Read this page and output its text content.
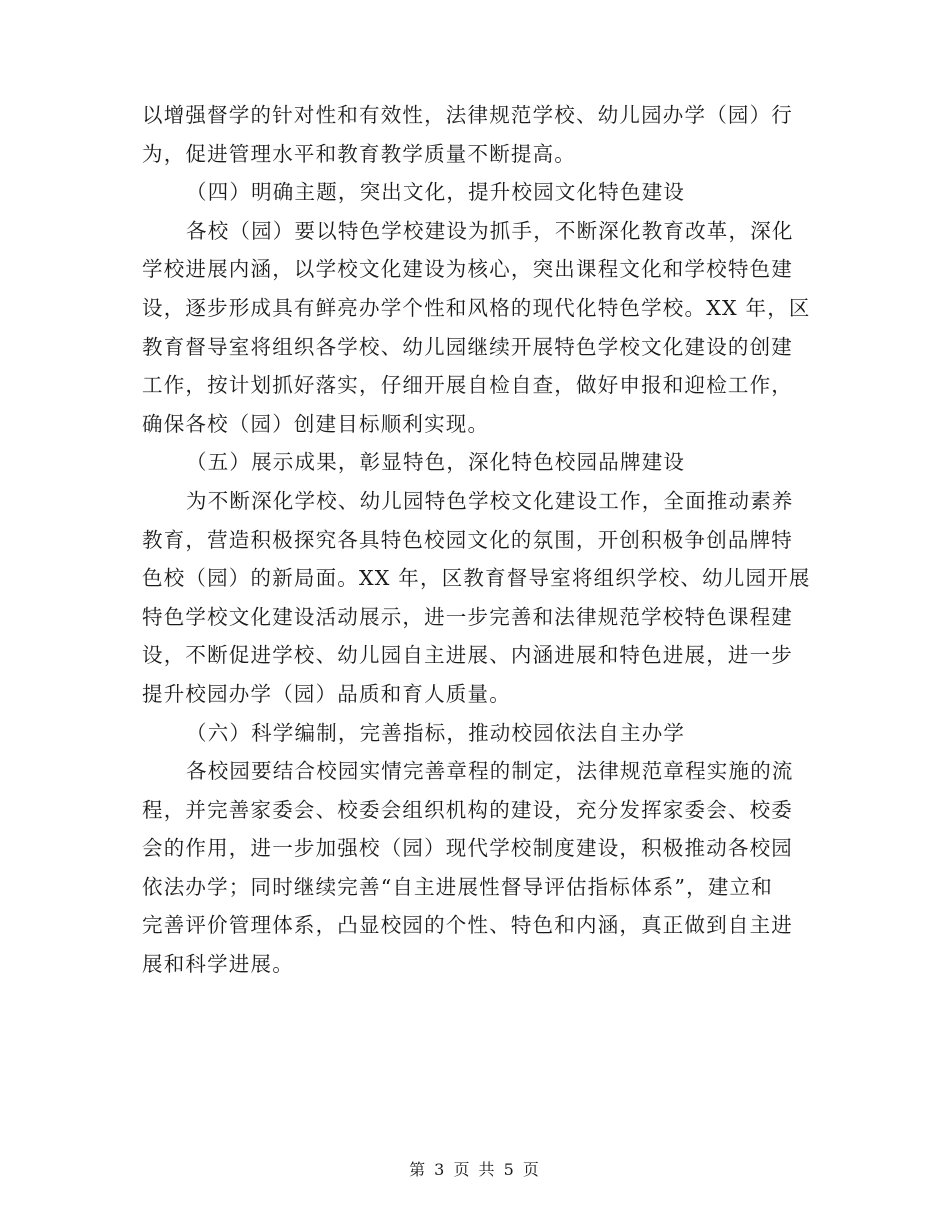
以增强督学的针对性和有效性，法律规范学校、幼儿园办学（园）行
为，促进管理水平和教育教学质量不断提高。
（四）明确主题，突出文化，提升校园文化特色建设
各校（园）要以特色学校建设为抓手，不断深化教育改革，深化
学校进展内涵，以学校文化建设为核心，突出课程文化和学校特色建
设，逐步形成具有鲜亮办学个性和风格的现代化特色学校。XX 年，区
教育督导室将组织各学校、幼儿园继续开展特色学校文化建设的创建
工作，按计划抓好落实，仔细开展自检自查，做好申报和迎检工作，
确保各校（园）创建目标顺利实现。
（五）展示成果，彰显特色，深化特色校园品牌建设
为不断深化学校、幼儿园特色学校文化建设工作，全面推动素养
教育，营造积极探究各具特色校园文化的氛围，开创积极争创品牌特
色校（园）的新局面。XX 年，区教育督导室将组织学校、幼儿园开展
特色学校文化建设活动展示，进一步完善和法律规范学校特色课程建
设，不断促进学校、幼儿园自主进展、内涵进展和特色进展，进一步
提升校园办学（园）品质和育人质量。
（六）科学编制，完善指标，推动校园依法自主办学
各校园要结合校园实情完善章程的制定，法律规范章程实施的流
程，并完善家委会、校委会组织机构的建设，充分发挥家委会、校委
会的作用，进一步加强校（园）现代学校制度建设，积极推动各校园
依法办学；同时继续完善“自主进展性督导评估指标体系”，建立和
完善评价管理体系，凸显校园的个性、特色和内涵，真正做到自主进
展和科学进展。
第 3 页 共 5 页
